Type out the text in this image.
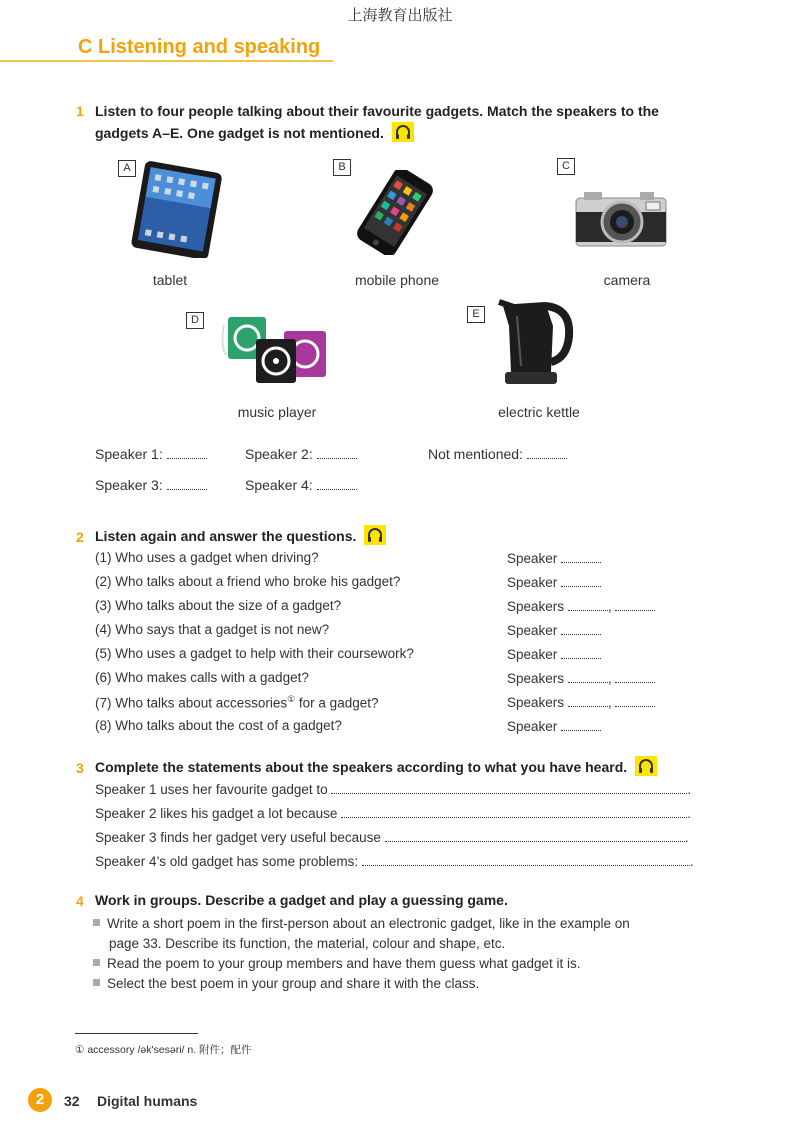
上海教育出版社
C Listening and speaking
1 Listen to four people talking about their favourite gadgets. Match the speakers to the
gadgets A–E. One gadget is not mentioned.
A
tablet
B
mobile phone
C
camera
D
music player
E
electric kettle
Speaker 1:	Speaker 2:	Not mentioned:
Speaker 3:	Speaker 4:
2 Listen again and answer the questions.
(1) Who uses a gadget when driving?	Speaker
(2) Who talks about a friend who broke his gadget?	Speaker
(3) Who talks about the size of a gadget?	Speakers	,
(4) Who says that a gadget is not new?	Speaker
(5) Who uses a gadget to help with their coursework?	Speaker
(6) Who makes calls with a gadget?	Speakers	,
(7) Who talks about accessories① for a gadget?	Speakers	,
(8) Who talks about the cost of a gadget?	Speaker
3 Complete the statements about the speakers according to what you have heard.
Speaker 1 uses her favourite gadget to	.
Speaker 2 likes his gadget a lot because	.
Speaker 3 finds her gadget very useful because	.
Speaker 4’s old gadget has some problems:	.
4 Work in groups. Describe a gadget and play a guessing game.
Write a short poem in the first-person about an electronic gadget, like in the example on
page 33. Describe its function, the material, colour and shape, etc.
Read the poem to your group members and have them guess what gadget it is.
Select the best poem in your group and share it with the class.
① accessory /ək'sesəri/ n. 附件；配件
2	32 Digital humans
